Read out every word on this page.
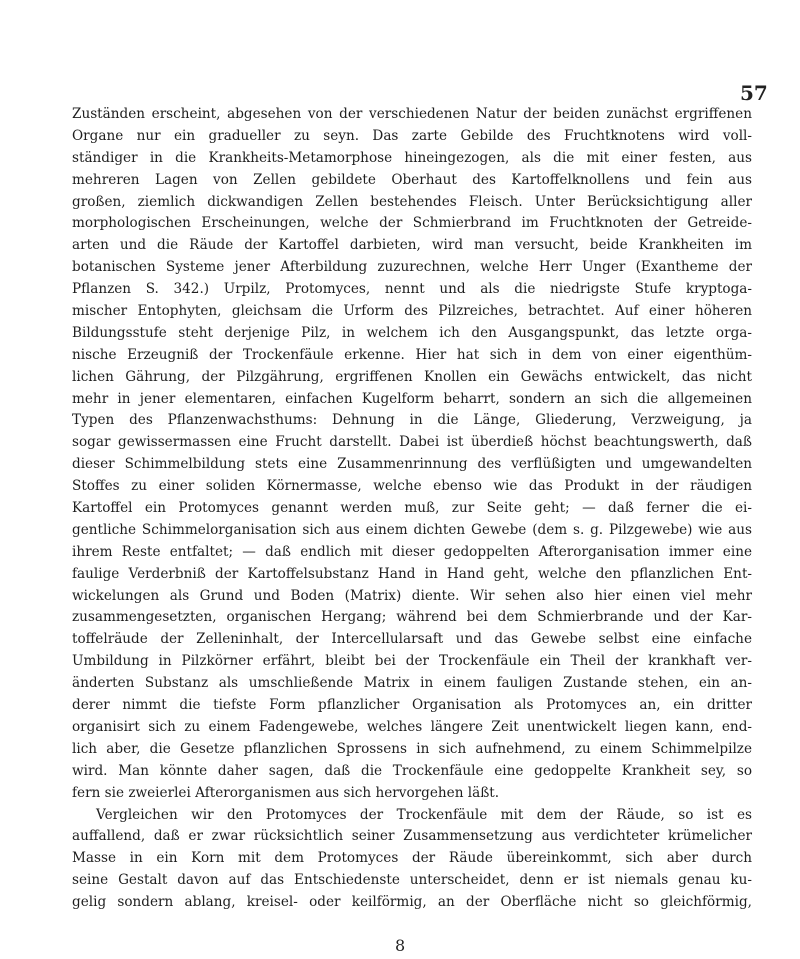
57
Zuständen erscheint, abgesehen von der verschiedenen Natur der beiden zunächst ergriffenen
Organe nur ein gradueller zu seyn. Das zarte Gebilde des Fruchtknotens wird voll-
ständiger in die Krankheits-Metamorphose hineingezogen, als die mit einer festen, aus
mehreren Lagen von Zellen gebildete Oberhaut des Kartoffelknollens und fein aus
großen, ziemlich dickwandigen Zellen bestehendes Fleisch. Unter Berücksichtigung aller
morphologischen Erscheinungen, welche der Schmierbrand im Fruchtknoten der Getreide-
arten und die Räude der Kartoffel darbieten, wird man versucht, beide Krankheiten im
botanischen Systeme jener Afterbildung zuzurechnen, welche Herr Unger (Exantheme der
Pflanzen S. 342.) Urpilz, Protomyces, nennt und als die niedrigste Stufe kryptoga-
mischer Entophyten, gleichsam die Urform des Pilzreiches, betrachtet. Auf einer höheren
Bildungsstufe steht derjenige Pilz, in welchem ich den Ausgangspunkt, das letzte orga-
nische Erzeugniß der Trockenfäule erkenne. Hier hat sich in dem von einer eigenthüm-
lichen Gährung, der Pilzgährung, ergriffenen Knollen ein Gewächs entwickelt, das nicht
mehr in jener elementaren, einfachen Kugelform beharrt, sondern an sich die allgemeinen
Typen des Pflanzenwachsthums: Dehnung in die Länge, Gliederung, Verzweigung, ja
sogar gewissermassen eine Frucht darstellt. Dabei ist überdieß höchst beachtungswerth, daß
dieser Schimmelbildung stets eine Zusammenrinnung des verflüßigten und umgewandelten
Stoffes zu einer soliden Körnermasse, welche ebenso wie das Produkt in der räudigen
Kartoffel ein Protomyces genannt werden muß, zur Seite geht; — daß ferner die ei-
gentliche Schimmelorganisation sich aus einem dichten Gewebe (dem s. g. Pilzgewebe) wie aus
ihrem Reste entfaltet; — daß endlich mit dieser gedoppelten Afterorganisation immer eine
faulige Verderbniß der Kartoffelsubstanz Hand in Hand geht, welche den pflanzlichen Ent-
wickelungen als Grund und Boden (Matrix) diente. Wir sehen also hier einen viel mehr
zusammengesetzten, organischen Hergang; während bei dem Schmierbrande und der Kar-
toffelräude der Zelleninhalt, der Intercellularsaft und das Gewebe selbst eine einfache
Umbildung in Pilzkörner erfährt, bleibt bei der Trockenfäule ein Theil der krankhaft ver-
änderten Substanz als umschließende Matrix in einem fauligen Zustande stehen, ein an-
derer nimmt die tiefste Form pflanzlicher Organisation als Protomyces an, ein dritter
organisirt sich zu einem Fadengewebe, welches längere Zeit unentwickelt liegen kann, end-
lich aber, die Gesetze pflanzlichen Sprossens in sich aufnehmend, zu einem Schimmelpilze
wird. Man könnte daher sagen, daß die Trockenfäule eine gedoppelte Krankheit sey, so
fern sie zweierlei Afterorganismen aus sich hervorgehen läßt.
Vergleichen wir den Protomyces der Trockenfäule mit dem der Räude, so ist es
auffallend, daß er zwar rücksichtlich seiner Zusammensetzung aus verdichteter krümelicher
Masse in ein Korn mit dem Protomyces der Räude übereinkommt, sich aber durch
seine Gestalt davon auf das Entschiedenste unterscheidet, denn er ist niemals genau ku-
gelig sondern ablang, kreisel- oder keilförmig, an der Oberfläche nicht so gleichförmig,
8
